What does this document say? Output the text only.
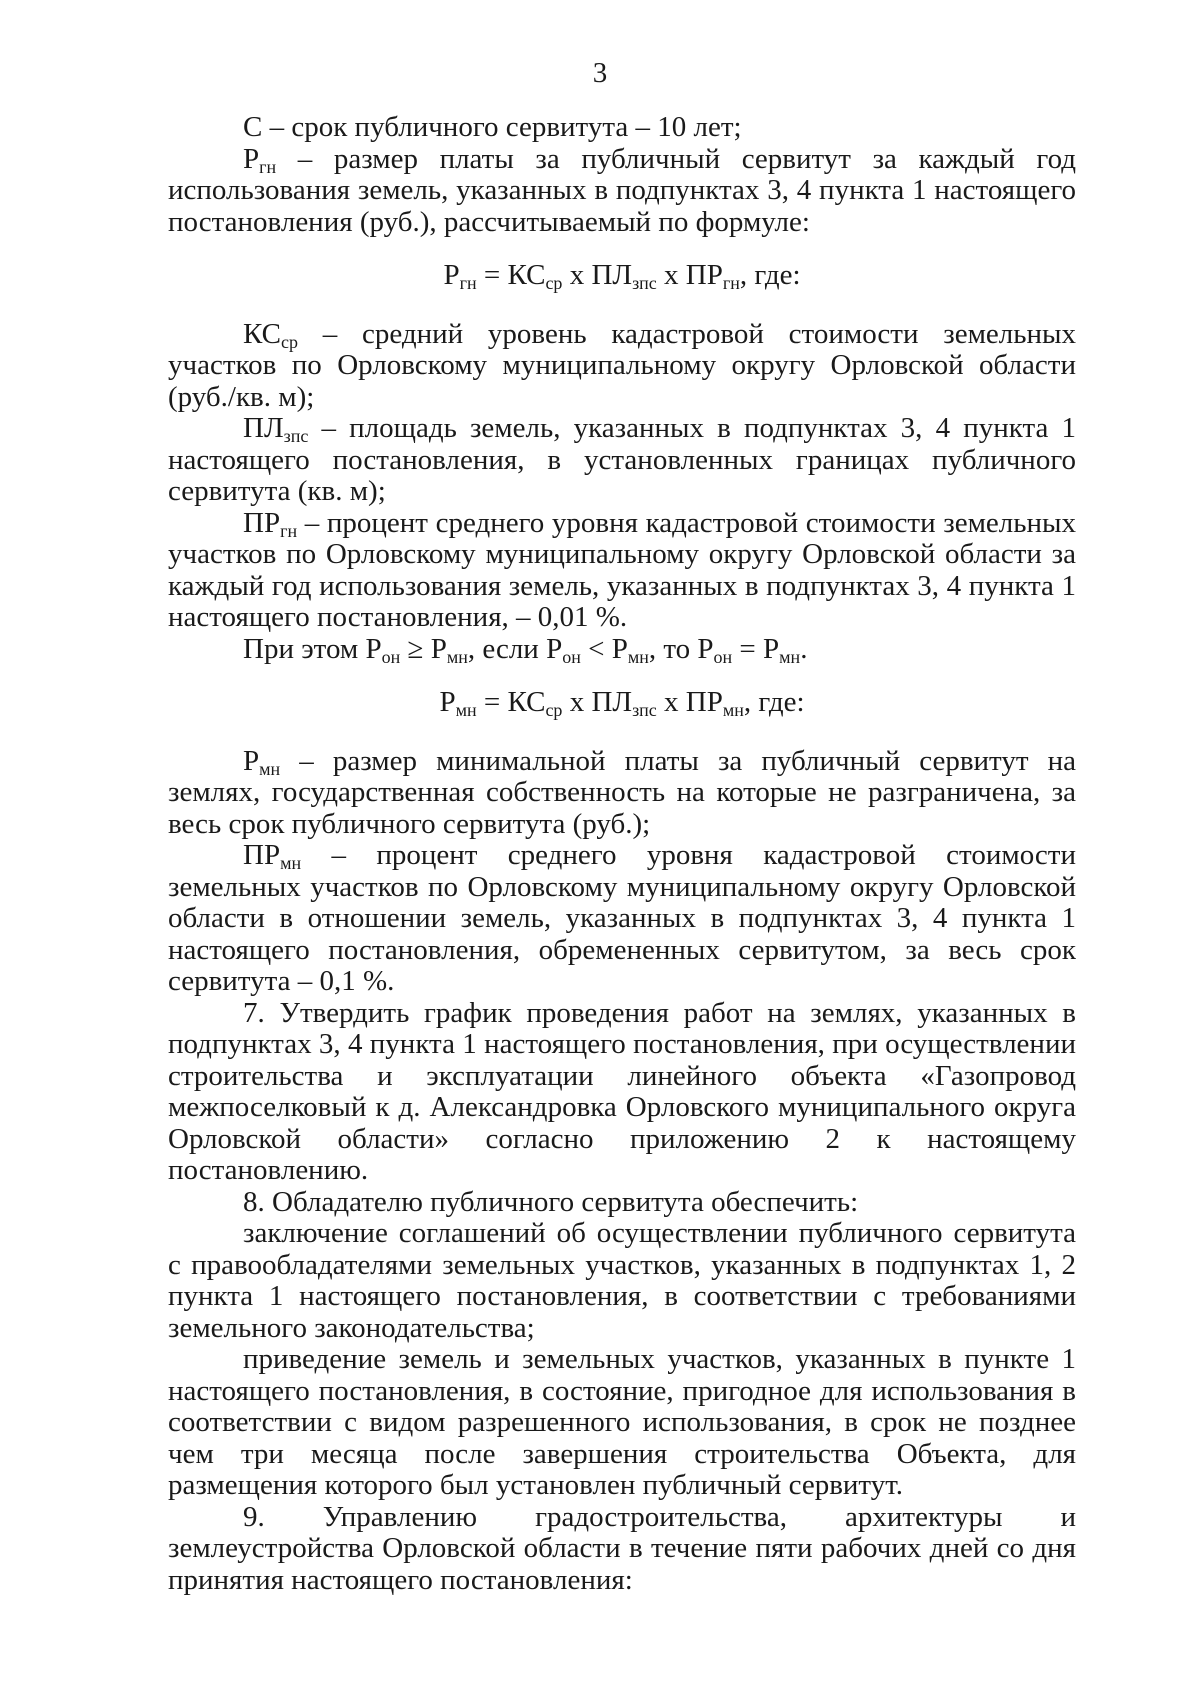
3

С – срок публичного сервитута – 10 лет;

$Р_{гн}$ – размер платы за публичный сервитут за каждый год использования земель, указанных в подпунктах 3, 4 пункта 1 настоящего постановления (руб.), рассчитываемый по формуле:

$Р_{гн} = КС_{ср}$ х $ПЛ_{зпс}$ х $ПР_{гн}$, где:

$КС_{ср}$ – средний уровень кадастровой стоимости земельных участков по Орловскому муниципальному округу Орловской области (руб./кв. м);

$ПЛ_{зпс}$ – площадь земель, указанных в подпунктах 3, 4 пункта 1 настоящего постановления, в установленных границах публичного сервитута (кв. м);

$ПР_{гн}$ – процент среднего уровня кадастровой стоимости земельных участков по Орловскому муниципальному округу Орловской области за каждый год использования земель, указанных в подпунктах 3, 4 пункта 1 настоящего постановления, – 0,01 %.

При этом $Р_{он} \ge Р_{мн}$, если $Р_{он} < Р_{мн}$, то $Р_{он} = Р_{мн}$.

$Р_{мн} = КС_{ср}$ х $ПЛ_{зпс}$ х $ПР_{мн}$, где:

$Р_{мн}$ – размер минимальной платы за публичный сервитут на землях, государственная собственность на которые не разграничена, за весь срок публичного сервитута (руб.);

$ПР_{мн}$ – процент среднего уровня кадастровой стоимости земельных участков по Орловскому муниципальному округу Орловской области в отношении земель, указанных в подпунктах 3, 4 пункта 1 настоящего постановления, обремененных сервитутом, за весь срок сервитута – 0,1 %.

7. Утвердить график проведения работ на землях, указанных в подпунктах 3, 4 пункта 1 настоящего постановления, при осуществлении строительства и эксплуатации линейного объекта «Газопровод межпоселковый к д. Александровка Орловского муниципального округа Орловской области» согласно приложению 2 к настоящему постановлению.

8. Обладателю публичного сервитута обеспечить:

заключение соглашений об осуществлении публичного сервитута с правообладателями земельных участков, указанных в подпунктах 1, 2 пункта 1 настоящего постановления, в соответствии с требованиями земельного законодательства;

приведение земель и земельных участков, указанных в пункте 1 настоящего постановления, в состояние, пригодное для использования в соответствии с видом разрешенного использования, в срок не позднее чем три месяца после завершения строительства Объекта, для размещения которого был установлен публичный сервитут.

9. Управлению градостроительства, архитектуры и землеустройства Орловской области в течение пяти рабочих дней со дня принятия настоящего постановления:
